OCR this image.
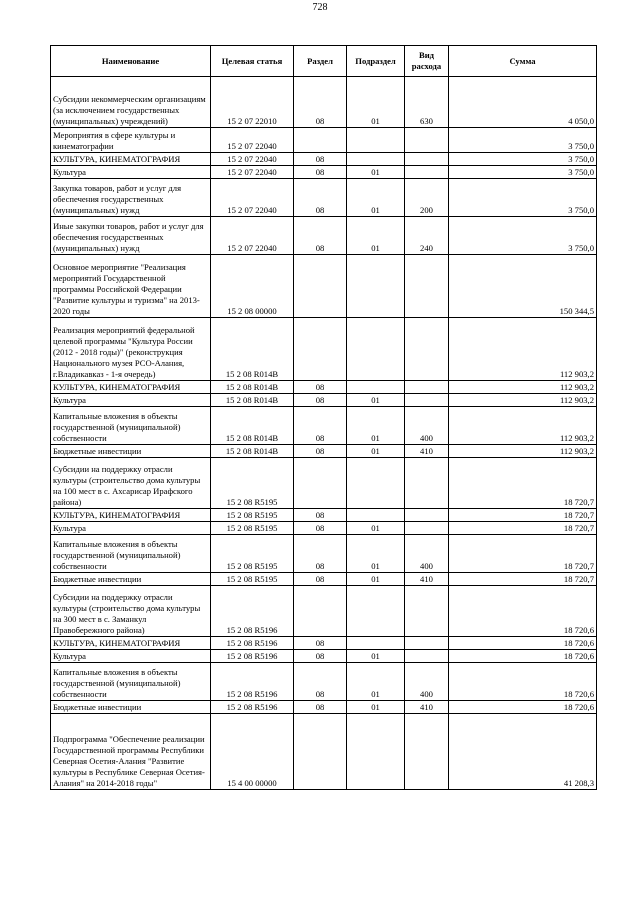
728
Наименование	Целевая статья	Раздел	Подраздел	Вид расхода	Сумма
Субсидии некоммерческим организациям (за исключением государственных (муниципальных) учреждений)	15 2 07 22010	08	01	630	4 050,0
Мероприятия в сфере культуры и кинематографии	15 2 07 22040				3 750,0
КУЛЬТУРА, КИНЕМАТОГРАФИЯ	15 2 07 22040	08			3 750,0
Культура	15 2 07 22040	08	01		3 750,0
Закупка товаров, работ и услуг для обеспечения государственных (муниципальных) нужд	15 2 07 22040	08	01	200	3 750,0
Иные закупки товаров, работ и услуг для обеспечения государственных (муниципальных) нужд	15 2 07 22040	08	01	240	3 750,0
Основное мероприятие "Реализация мероприятий Государственной программы Российской Федерации "Развитие культуры и туризма" на 2013-2020 годы	15 2 08 00000				150 344,5
Реализация мероприятий федеральной целевой программы "Культура России (2012 - 2018 годы)" (реконструкция Национального музея РСО-Алания, г.Владикавказ - 1-я очередь)	15 2 08 R014B				112 903,2
КУЛЬТУРА, КИНЕМАТОГРАФИЯ	15 2 08 R014B	08			112 903,2
Культура	15 2 08 R014B	08	01		112 903,2
Капитальные вложения в объекты государственной (муниципальной) собственности	15 2 08 R014B	08	01	400	112 903,2
Бюджетные инвестиции	15 2 08 R014B	08	01	410	112 903,2
Субсидии на поддержку отрасли культуры (строительство дома культуры на 100 мест в с. Ахсарисар Ирафского района)	15 2 08 R5195				18 720,7
КУЛЬТУРА, КИНЕМАТОГРАФИЯ	15 2 08 R5195	08			18 720,7
Культура	15 2 08 R5195	08	01		18 720,7
Капитальные вложения в объекты государственной (муниципальной) собственности	15 2 08 R5195	08	01	400	18 720,7
Бюджетные инвестиции	15 2 08 R5195	08	01	410	18 720,7
Субсидии на поддержку отрасли культуры (строительство дома культуры на 300 мест в с. Заманкул Правобережного района)	15 2 08 R5196				18 720,6
КУЛЬТУРА, КИНЕМАТОГРАФИЯ	15 2 08 R5196	08			18 720,6
Культура	15 2 08 R5196	08	01		18 720,6
Капитальные вложения в объекты государственной (муниципальной) собственности	15 2 08 R5196	08	01	400	18 720,6
Бюджетные инвестиции	15 2 08 R5196	08	01	410	18 720,6
Подпрограмма "Обеспечение реализации Государственной программы Республики Северная Осетия-Алания "Развитие культуры в Республике Северная Осетия-Алания" на 2014-2018 годы"	15 4 00 00000				41 208,3
